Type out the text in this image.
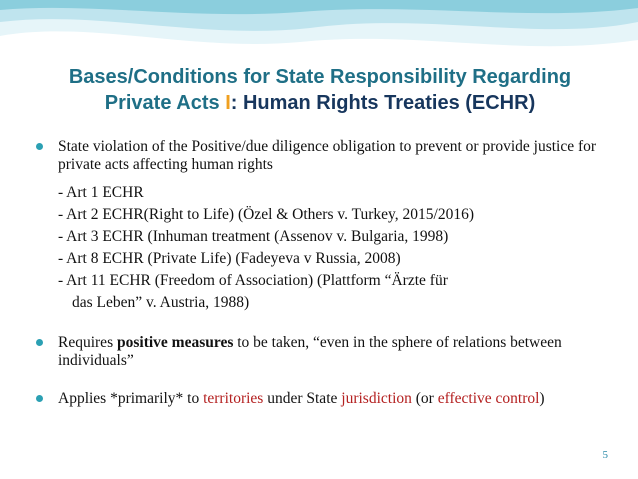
Bases/Conditions for State Responsibility Regarding
Private Acts I: Human Rights Treaties (ECHR)
State violation of the Positive/due diligence obligation to prevent or provide justice for private acts affecting human rights
- Art 1 ECHR
- Art 2 ECHR(Right to Life) (Özel & Others v. Turkey, 2015/2016)
- Art 3 ECHR (Inhuman treatment (Assenov v. Bulgaria, 1998)
- Art 8 ECHR (Private Life) (Fadeyeva v Russia, 2008)
- Art 11 ECHR (Freedom of Association) (Plattform “Ärzte für
das Leben” v. Austria, 1988)
Requires positive measures to be taken, “even in the sphere of relations between individuals”
Applies *primarily* to territories under State jurisdiction (or effective control)
5
